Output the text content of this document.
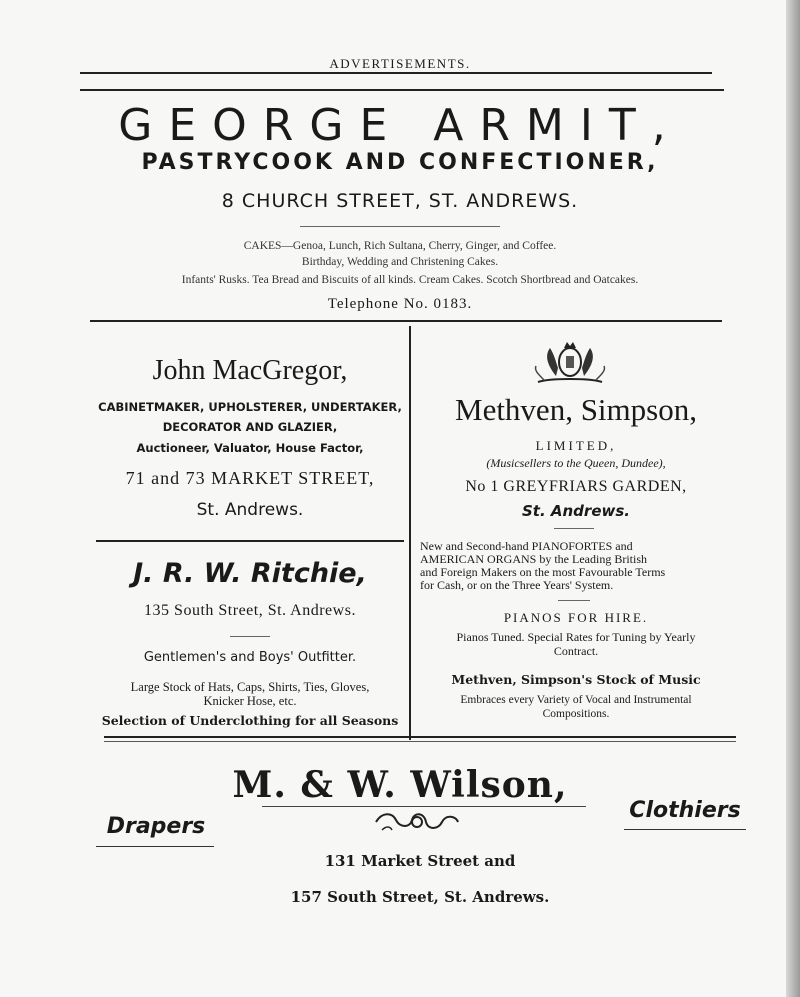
ADVERTISEMENTS.
GEORGE ARMIT,
PASTRYCOOK AND CONFECTIONER,
8 CHURCH STREET, ST. ANDREWS.
CAKES—Genoa, Lunch, Rich Sultana, Cherry, Ginger, and Coffee.
Birthday, Wedding and Christening Cakes.
Infants' Rusks. Tea Bread and Biscuits of all kinds. Cream Cakes. Scotch Shortbread and Oatcakes.
Telephone No. 0183.
John MacGregor,
CABINETMAKER, UPHOLSTERER, UNDERTAKER,
DECORATOR AND GLAZIER,
Auctioneer, Valuator, House Factor,
71 and 73 MARKET STREET,
St. Andrews.
J. R. W. Ritchie,
135 South Street, St. Andrews.
Gentlemen's and Boys' Outfitter.
Large Stock of Hats, Caps, Shirts, Ties, Gloves,
Knicker Hose, etc.
Selection of Underclothing for all Seasons
Methven, Simpson,
LIMITED,
(Musicsellers to the Queen, Dundee),
No 1 GREYFRIARS GARDEN,
St. Andrews.
New and Second-hand PIANOFORTES and
AMERICAN ORGANS by the Leading British
and Foreign Makers on the most Favourable Terms
for Cash, or on the Three Years' System.
PIANOS FOR HIRE.
Pianos Tuned. Special Rates for Tuning by Yearly
Contract.
Methven, Simpson's Stock of Music
Embraces every Variety of Vocal and Instrumental
Compositions.
M. & W. Wilson,
Drapers
Clothiers
131 Market Street and
157 South Street, St. Andrews.
